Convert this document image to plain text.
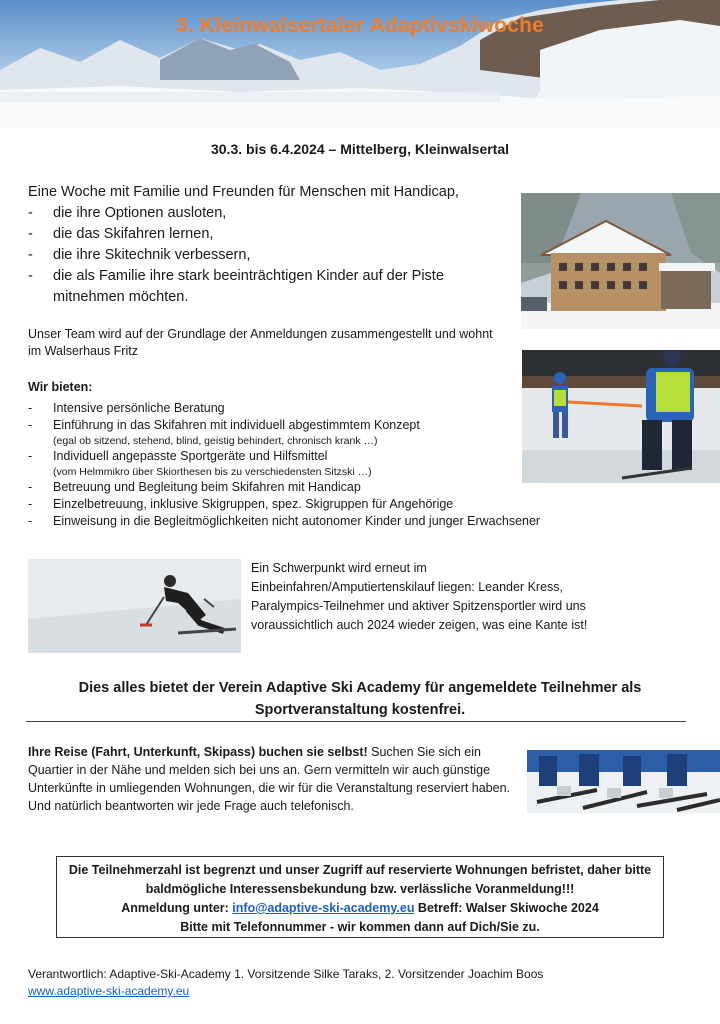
3. Kleinwalsertaler Adaptivskiwoche
30.3. bis 6.4.2024 – Mittelberg, Kleinwalsertal
Eine Woche mit Familie und Freunden für Menschen mit Handicap,
- die ihre Optionen ausloten,
- die das Skifahren lernen,
- die ihre Skitechnik verbessern,
- die als Familie ihre stark beeinträchtigen Kinder auf der Piste mitnehmen möchten.
Unser Team wird auf der Grundlage der Anmeldungen zusammengestellt und wohnt im Walserhaus Fritz
Wir bieten:
- Intensive persönliche Beratung
- Einführung in das Skifahren mit individuell abgestimmtem Konzept
(egal ob sitzend, stehend, blind, geistig behindert, chronisch krank …)
- Individuell angepasste Sportgeräte und Hilfsmittel
(vom Helmmikro über Skiorthesen bis zu verschiedensten Sitzski …)
- Betreuung und Begleitung beim Skifahren mit Handicap
- Einzelbetreuung, inklusive Skigruppen, spez. Skigruppen für Angehörige
- Einweisung in die Begleitmöglichkeiten nicht autonomer Kinder und junger Erwachsener
Ein Schwerpunkt wird erneut im Einbeinfahren/Amputiertenskilauf liegen: Leander Kress, Paralympics-Teilnehmer und aktiver Spitzensportler wird uns voraussichtlich auch 2024 wieder zeigen, was eine Kante ist!
Dies alles bietet der Verein Adaptive Ski Academy für angemeldete Teilnehmer als Sportveranstaltung kostenfrei.
Ihre Reise (Fahrt, Unterkunft, Skipass) buchen sie selbst! Suchen Sie sich ein Quartier in der Nähe und melden sich bei uns an. Gern vermitteln wir auch günstige Unterkünfte in umliegenden Wohnungen, die wir für die Veranstaltung reserviert haben. Und natürlich beantworten wir jede Frage auch telefonisch.
Die Teilnehmerzahl ist begrenzt und unser Zugriff auf reservierte Wohnungen befristet, daher bitte baldmögliche Interessensbekundung bzw. verlässliche Voranmeldung!!!
Anmeldung unter: info@adaptive-ski-academy.eu Betreff: Walser Skiwoche 2024
Bitte mit Telefonnummer - wir kommen dann auf Dich/Sie zu.
Verantwortlich: Adaptive-Ski-Academy 1. Vorsitzende Silke Taraks, 2. Vorsitzender Joachim Boos
www.adaptive-ski-academy.eu
